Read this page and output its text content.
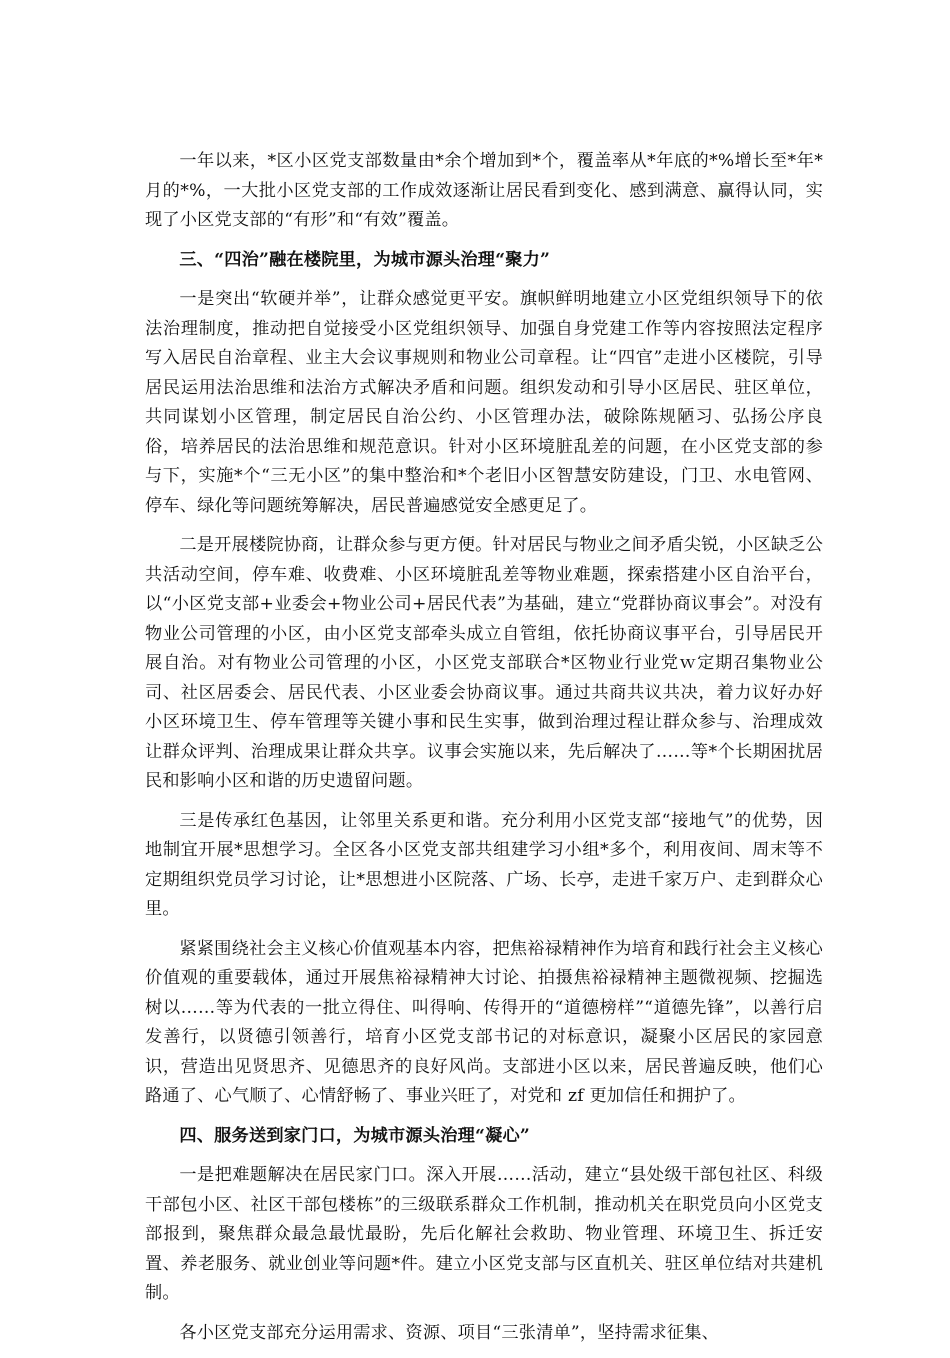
一年以来，*区小区党支部数量由*余个增加到*个，覆盖率从*年底的*%增长至*年*月的*%，一大批小区党支部的工作成效逐渐让居民看到变化、感到满意、赢得认同，实现了小区党支部的“有形”和“有效”覆盖。

三、“四治”融在楼院里，为城市源头治理“聚力”

一是突出“软硬并举”，让群众感觉更平安。旗帜鲜明地建立小区党组织领导下的依法治理制度，推动把自觉接受小区党组织领导、加强自身党建工作等内容按照法定程序写入居民自治章程、业主大会议事规则和物业公司章程。让“四官”走进小区楼院，引导居民运用法治思维和法治方式解决矛盾和问题。组织发动和引导小区居民、驻区单位，共同谋划小区管理，制定居民自治公约、小区管理办法，破除陈规陋习、弘扬公序良俗，培养居民的法治思维和规范意识。针对小区环境脏乱差的问题，在小区党支部的参与下，实施*个“三无小区”的集中整治和*个老旧小区智慧安防建设，门卫、水电管网、停车、绿化等问题统筹解决，居民普遍感觉安全感更足了。

二是开展楼院协商，让群众参与更方便。针对居民与物业之间矛盾尖锐，小区缺乏公共活动空间，停车难、收费难、小区环境脏乱差等物业难题，探索搭建小区自治平台，以“小区党支部+业委会+物业公司+居民代表”为基础，建立“党群协商议事会”。对没有物业公司管理的小区，由小区党支部牵头成立自管组，依托协商议事平台，引导居民开展自治。对有物业公司管理的小区，小区党支部联合*区物业行业党ｗ定期召集物业公司、社区居委会、居民代表、小区业委会协商议事。通过共商共议共决，着力议好办好小区环境卫生、停车管理等关键小事和民生实事，做到治理过程让群众参与、治理成效让群众评判、治理成果让群众共享。议事会实施以来，先后解决了……等*个长期困扰居民和影响小区和谐的历史遗留问题。

三是传承红色基因，让邻里关系更和谐。充分利用小区党支部“接地气”的优势，因地制宜开展*思想学习。全区各小区党支部共组建学习小组*多个，利用夜间、周末等不定期组织党员学习讨论，让*思想进小区院落、广场、长亭，走进千家万户、走到群众心里。

紧紧围绕社会主义核心价值观基本内容，把焦裕禄精神作为培育和践行社会主义核心价值观的重要载体，通过开展焦裕禄精神大讨论、拍摄焦裕禄精神主题微视频、挖掘选树以……等为代表的一批立得住、叫得响、传得开的“道德榜样”“道德先锋”，以善行启发善行，以贤德引领善行，培育小区党支部书记的对标意识，凝聚小区居民的家园意识，营造出见贤思齐、见德思齐的良好风尚。支部进小区以来，居民普遍反映，他们心路通了、心气顺了、心情舒畅了、事业兴旺了，对党和 zf 更加信任和拥护了。

四、服务送到家门口，为城市源头治理“凝心”

一是把难题解决在居民家门口。深入开展……活动，建立“县处级干部包社区、科级干部包小区、社区干部包楼栋”的三级联系群众工作机制，推动机关在职党员向小区党支部报到，聚焦群众最急最忧最盼，先后化解社会救助、物业管理、环境卫生、拆迁安置、养老服务、就业创业等问题*件。建立小区党支部与区直机关、驻区单位结对共建机制。

各小区党支部充分运用需求、资源、项目“三张清单”，坚持需求征集、
